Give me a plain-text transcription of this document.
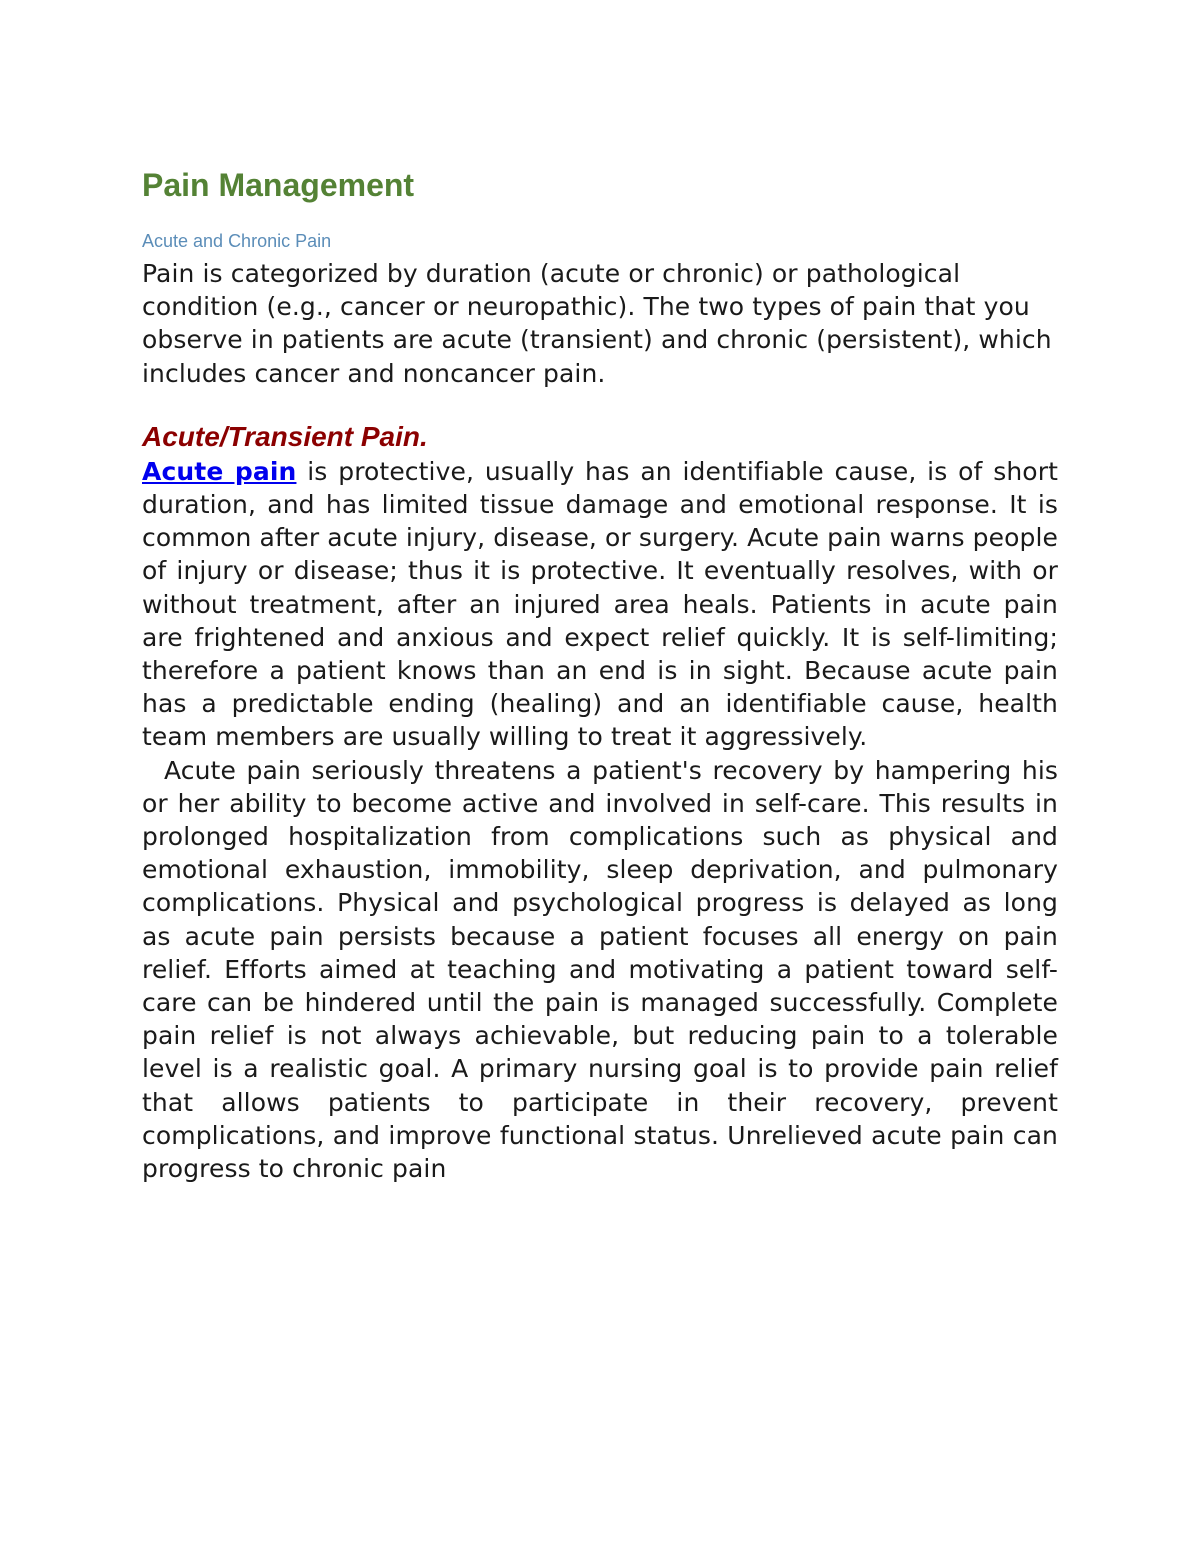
Pain Management
Acute and Chronic Pain

Pain is categorized by duration (acute or chronic) or pathological condition (e.g., cancer or neuropathic). The two types of pain that you observe in patients are acute (transient) and chronic (persistent), which includes cancer and noncancer pain.

Acute/Transient Pain.

Acute pain is protective, usually has an identifiable cause, is of short duration, and has limited tissue damage and emotional response. It is common after acute injury, disease, or surgery. Acute pain warns people of injury or disease; thus it is protective. It eventually resolves, with or without treatment, after an injured area heals. Patients in acute pain are frightened and anxious and expect relief quickly. It is self-limiting; therefore a patient knows than an end is in sight. Because acute pain has a predictable ending (healing) and an identifiable cause, health team members are usually willing to treat it aggressively.

Acute pain seriously threatens a patient's recovery by hampering his or her ability to become active and involved in self-care. This results in prolonged hospitalization from complications such as physical and emotional exhaustion, immobility, sleep deprivation, and pulmonary complications. Physical and psychological progress is delayed as long as acute pain persists because a patient focuses all energy on pain relief. Efforts aimed at teaching and motivating a patient toward self-care can be hindered until the pain is managed successfully. Complete pain relief is not always achievable, but reducing pain to a tolerable level is a realistic goal. A primary nursing goal is to provide pain relief that allows patients to participate in their recovery, prevent complications, and improve functional status. Unrelieved acute pain can progress to chronic pain
